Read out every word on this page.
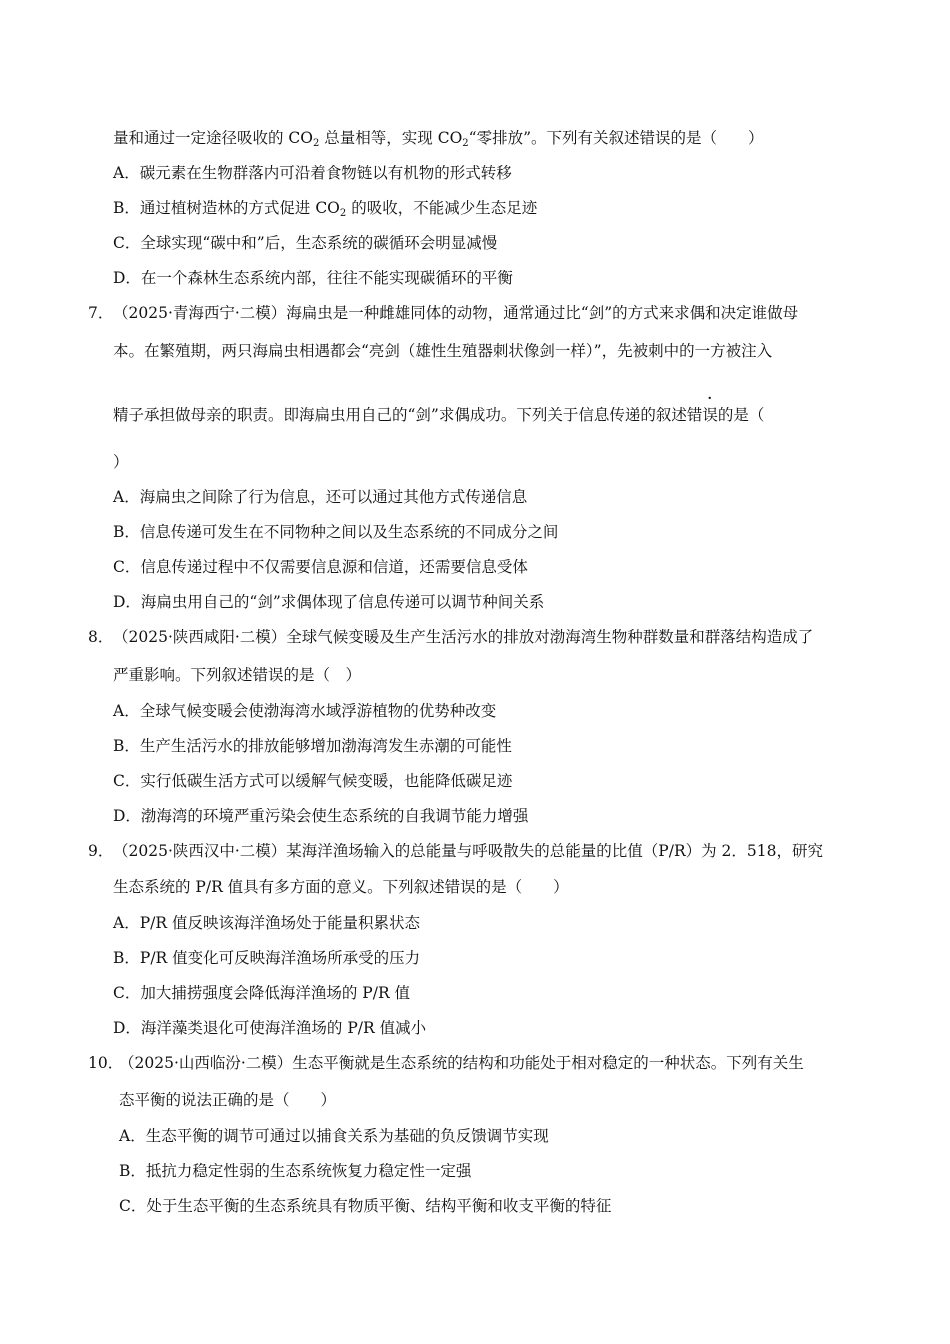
量和通过一定途径吸收的 $CO_2$ 总量相等，实现 $CO_2“$零排放”。下列有关叙述错误的是（　　）
A．碳元素在生物群落内可沿着食物链以有机物的形式转移
B．通过植树造林的方式促进 $CO_2$ 的吸收，不能减少生态足迹
C．全球实现“碳中和”后，生态系统的碳循环会明显减慢
D．在一个森林生态系统内部，往往不能实现碳循环的平衡
7． （2025·青海西宁·二模）海扁虫是一种雌雄同体的动物，通常通过比“剑”的方式来求偶和决定谁做母
本。在繁殖期，两只海扁虫相遇都会“亮剑（雄性生殖器刺状像剑一样）”，先被刺中的一方被注入
精子承担做母亲的职责。即海扁虫用自己的“剑”求偶成功。下列关于信息传递的叙述错误的是（
）
A．海扁虫之间除了行为信息，还可以通过其他方式传递信息
B．信息传递可发生在不同物种之间以及生态系统的不同成分之间
C．信息传递过程中不仅需要信息源和信道，还需要信息受体
D．海扁虫用自己的“剑”求偶体现了信息传递可以调节种间关系
8． （2025·陕西咸阳·二模）全球气候变暖及生产生活污水的排放对渤海湾生物种群数量和群落结构造成了
严重影响。下列叙述错误的是（　）
A．全球气候变暖会使渤海湾水域浮游植物的优势种改变
B．生产生活污水的排放能够增加渤海湾发生赤潮的可能性
C．实行低碳生活方式可以缓解气候变暖，也能降低碳足迹
D．渤海湾的环境严重污染会使生态系统的自我调节能力增强
9． （2025·陕西汉中·二模）某海洋渔场输入的总能量与呼吸散失的总能量的比值（P/R）为 2．518，研究
生态系统的 P/R 值具有多方面的意义。下列叙述错误的是（　　）
A．P/R 值反映该海洋渔场处于能量积累状态
B．P/R 值变化可反映海洋渔场所承受的压力
C．加大捕捞强度会降低海洋渔场的 P/R 值
D．海洋藻类退化可使海洋渔场的 P/R 值减小
10．
（2025·山西临汾·二模）生态平衡就是生态系统的结构和功能处于相对稳定的一种状态。下列有关生
态平衡的说法正确的是（　　）
A．生态平衡的调节可通过以捕食关系为基础的负反馈调节实现
B．抵抗力稳定性弱的生态系统恢复力稳定性一定强
C．处于生态平衡的生态系统具有物质平衡、结构平衡和收支平衡的特征
